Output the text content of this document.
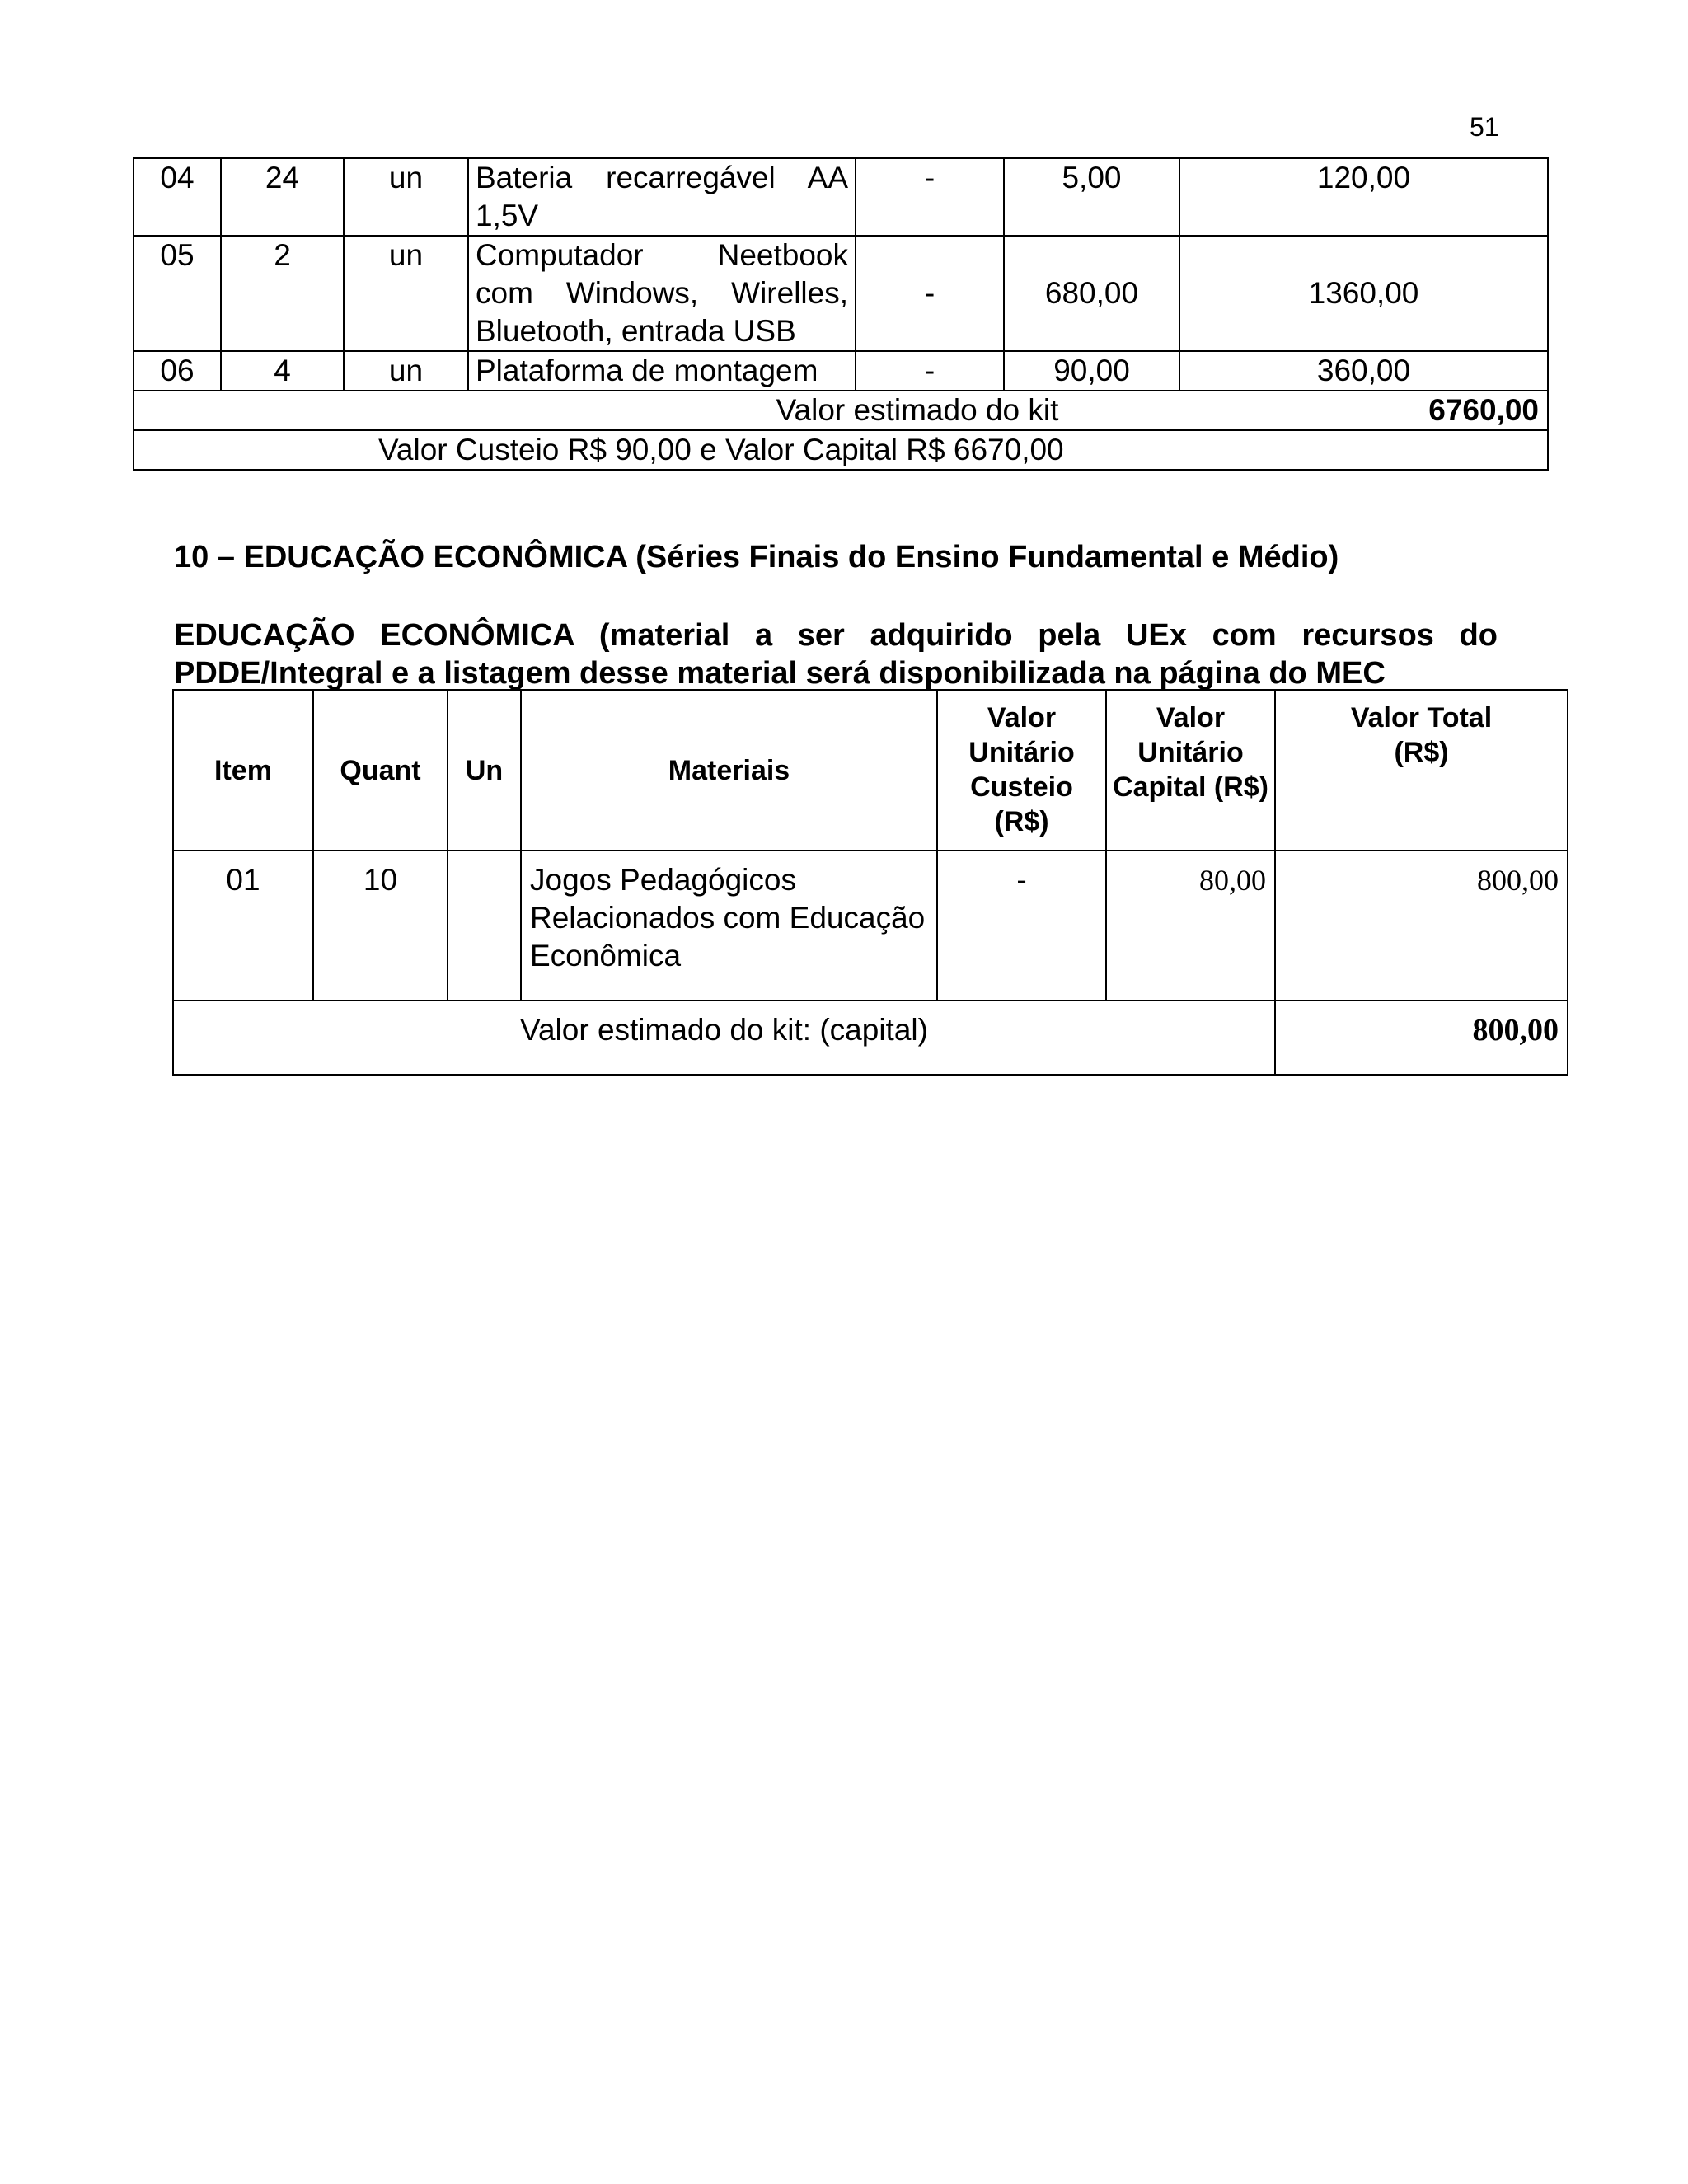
51
04	24	un	Bateria recarregável AA 1,5V	-	5,00	120,00
05	2	un	Computador Neetbook com Windows, Wirelles, Bluetooth, entrada USB	-	680,00	1360,00
06	4	un	Plataforma de montagem	-	90,00	360,00
Valor estimado do kit						6760,00
Valor Custeio R$ 90,00 e Valor Capital R$ 6670,00						
10 – EDUCAÇÃO ECONÔMICA (Séries Finais do Ensino Fundamental e Médio)

EDUCAÇÃO ECONÔMICA (material a ser adquirido pela UEx com recursos do PDDE/Integral e a listagem desse material será disponibilizada na página do MEC

Item	Quant	Un	Materiais	Valor Unitário Custeio (R$)	Valor Unitário Capital (R$)	Valor Total (R$)
01	10		Jogos Pedagógicos Relacionados com Educação Econômica	-	80,00	800,00
Valor estimado do kit: (capital)						800,00
